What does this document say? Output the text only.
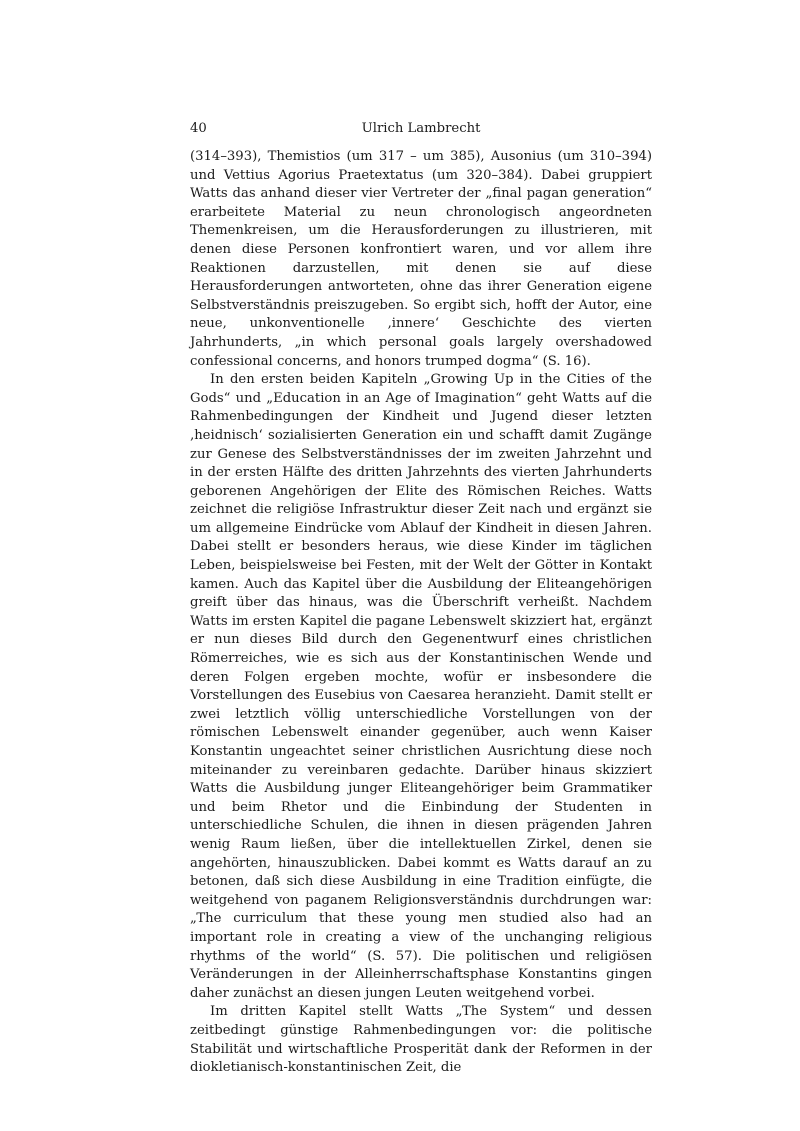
40	Ulrich Lambrecht

(314–393), Themistios (um 317 – um 385), Ausonius (um 310–394) und Vettius Agorius Praetextatus (um 320–384). Dabei gruppiert Watts das anhand dieser vier Vertreter der „final pagan generation“ erarbeitete Material zu neun chronologisch angeordneten Themenkreisen, um die Herausforderungen zu illustrieren, mit denen diese Personen konfrontiert waren, und vor allem ihre Reaktionen darzustellen, mit denen sie auf diese Herausforderungen antworteten, ohne das ihrer Generation eigene Selbstverständnis preiszugeben. So ergibt sich, hofft der Autor, eine neue, unkonventionelle ‚innere‘ Geschichte des vierten Jahrhunderts, „in which personal goals largely overshadowed confessional concerns, and honors trumped dogma“ (S. 16).

In den ersten beiden Kapiteln „Growing Up in the Cities of the Gods“ und „Education in an Age of Imagination“ geht Watts auf die Rahmenbedingungen der Kindheit und Jugend dieser letzten ‚heidnisch‘ sozialisierten Generation ein und schafft damit Zugänge zur Genese des Selbstverständnisses der im zweiten Jahrzehnt und in der ersten Hälfte des dritten Jahrzehnts des vierten Jahrhunderts geborenen Angehörigen der Elite des Römischen Reiches. Watts zeichnet die religiöse Infrastruktur dieser Zeit nach und ergänzt sie um allgemeine Eindrücke vom Ablauf der Kindheit in diesen Jahren. Dabei stellt er besonders heraus, wie diese Kinder im täglichen Leben, beispielsweise bei Festen, mit der Welt der Götter in Kontakt kamen. Auch das Kapitel über die Ausbildung der Eliteangehörigen greift über das hinaus, was die Überschrift verheißt. Nachdem Watts im ersten Kapitel die pagane Lebenswelt skizziert hat, ergänzt er nun dieses Bild durch den Gegenentwurf eines christlichen Römerreiches, wie es sich aus der Konstantinischen Wende und deren Folgen ergeben mochte, wofür er insbesondere die Vorstellungen des Eusebius von Caesarea heranzieht. Damit stellt er zwei letztlich völlig unterschiedliche Vorstellungen von der römischen Lebenswelt einander gegenüber, auch wenn Kaiser Konstantin ungeachtet seiner christlichen Ausrichtung diese noch miteinander zu vereinbaren gedachte. Darüber hinaus skizziert Watts die Ausbildung junger Eliteangehöriger beim Grammatiker und beim Rhetor und die Einbindung der Studenten in unterschiedliche Schulen, die ihnen in diesen prägenden Jahren wenig Raum ließen, über die intellektuellen Zirkel, denen sie angehörten, hinauszublicken. Dabei kommt es Watts darauf an zu betonen, daß sich diese Ausbildung in eine Tradition einfügte, die weitgehend von paganem Religionsverständnis durchdrungen war: „The curriculum that these young men studied also had an important role in creating a view of the unchanging religious rhythms of the world“ (S. 57). Die politischen und religiösen Veränderungen in der Alleinherrschaftsphase Konstantins gingen daher zunächst an diesen jungen Leuten weitgehend vorbei.

Im dritten Kapitel stellt Watts „The System“ und dessen zeitbedingt günstige Rahmenbedingungen vor: die politische Stabilität und wirtschaftliche Prosperität dank der Reformen in der diokletianisch-konstantinischen Zeit, die
